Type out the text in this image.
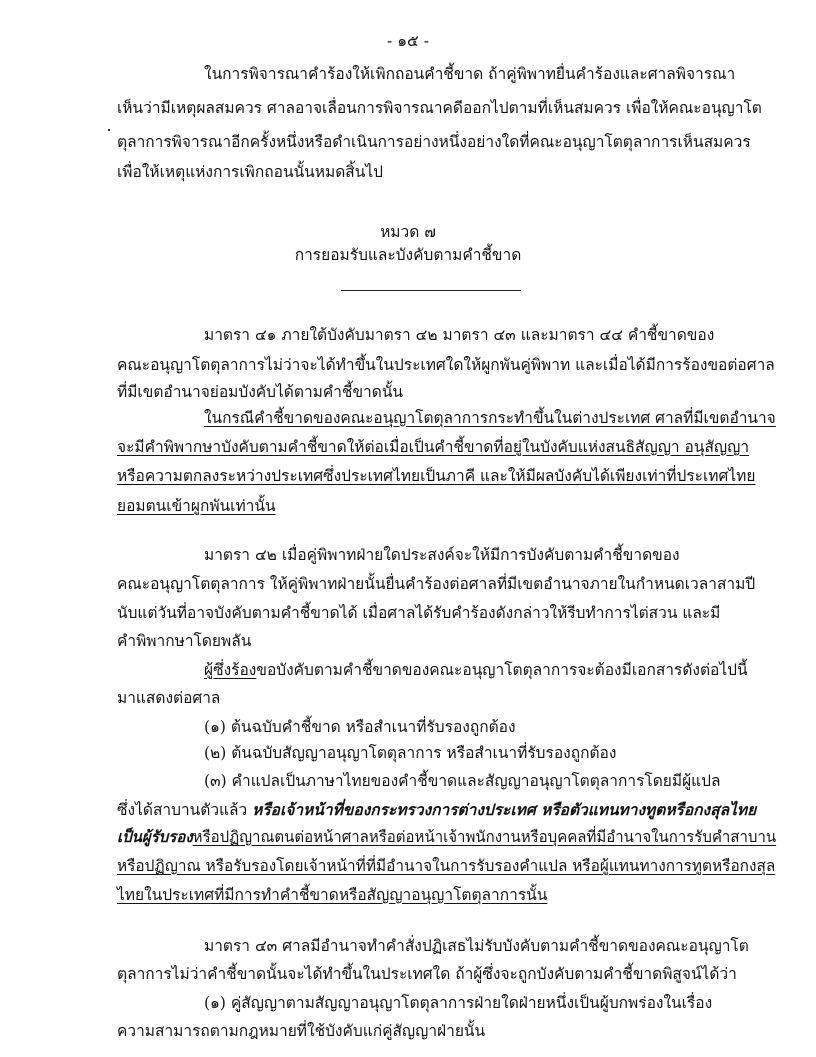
- ๑๕ -
ในการพิจารณาคำร้องให้เพิกถอนคำชี้ขาด ถ้าคู่พิพาทยื่นคำร้องและศาลพิจารณา
เห็นว่ามีเหตุผลสมควร ศาลอาจเลื่อนการพิจารณาคดีออกไปตามที่เห็นสมควร เพื่อให้คณะอนุญาโต
ตุลาการพิจารณาอีกครั้งหนึ่งหรือดำเนินการอย่างหนึ่งอย่างใดที่คณะอนุญาโตตุลาการเห็นสมควร
เพื่อให้เหตุแห่งการเพิกถอนนั้นหมดสิ้นไป
หมวด ๗
การยอมรับและบังคับตามคำชี้ขาด
มาตรา ๔๑ ภายใต้บังคับมาตรา ๔๒ มาตรา ๔๓ และมาตรา ๔๔ คำชี้ขาดของ
คณะอนุญาโตตุลาการไม่ว่าจะได้ทำขึ้นในประเทศใดให้ผูกพันคู่พิพาท และเมื่อได้มีการร้องขอต่อศาล
ที่มีเขตอำนาจย่อมบังคับได้ตามคำชี้ขาดนั้น
ในกรณีคำชี้ขาดของคณะอนุญาโตตุลาการกระทำขึ้นในต่างประเทศ ศาลที่มีเขตอำนาจ
จะมีคำพิพากษาบังคับตามคำชี้ขาดให้ต่อเมื่อเป็นคำชี้ขาดที่อยู่ในบังคับแห่งสนธิสัญญา อนุสัญญา
หรือความตกลงระหว่างประเทศซึ่งประเทศไทยเป็นภาคี และให้มีผลบังคับได้เพียงเท่าที่ประเทศไทย
ยอมตนเข้าผูกพันเท่านั้น
มาตรา ๔๒ เมื่อคู่พิพาทฝ่ายใดประสงค์จะให้มีการบังคับตามคำชี้ขาดของ
คณะอนุญาโตตุลาการ ให้คู่พิพาทฝ่ายนั้นยื่นคำร้องต่อศาลที่มีเขตอำนาจภายในกำหนดเวลาสามปี
นับแต่วันที่อาจบังคับตามคำชี้ขาดได้ เมื่อศาลได้รับคำร้องดังกล่าวให้รีบทำการไต่สวน และมี
คำพิพากษาโดยพลัน
ผู้ซึ่งร้องขอบังคับตามคำชี้ขาดของคณะอนุญาโตตุลาการจะต้องมีเอกสารดังต่อไปนี้
มาแสดงต่อศาล
(๑) ต้นฉบับคำชี้ขาด หรือสำเนาที่รับรองถูกต้อง
(๒) ต้นฉบับสัญญาอนุญาโตตุลาการ หรือสำเนาที่รับรองถูกต้อง
(๓) คำแปลเป็นภาษาไทยของคำชี้ขาดและสัญญาอนุญาโตตุลาการโดยมีผู้แปล
ซึ่งได้สาบานตัวแล้ว หรือเจ้าหน้าที่ของกระทรวงการต่างประเทศ หรือตัวแทนทางทูตหรือกงสุลไทย
เป็นผู้รับรองหรือปฏิญาณตนต่อหน้าศาลหรือต่อหน้าเจ้าพนักงานหรือบุคคลที่มีอำนาจในการรับคำสาบาน
หรือปฏิญาณ หรือรับรองโดยเจ้าหน้าที่ที่มีอำนาจในการรับรองคำแปล หรือผู้แทนทางการทูตหรือกงสุล
ไทยในประเทศที่มีการทำคำชี้ขาดหรือสัญญาอนุญาโตตุลาการนั้น
มาตรา ๔๓ ศาลมีอำนาจทำคำสั่งปฏิเสธไม่รับบังคับตามคำชี้ขาดของคณะอนุญาโต
ตุลาการไม่ว่าคำชี้ขาดนั้นจะได้ทำขึ้นในประเทศใด ถ้าผู้ซึ่งจะถูกบังคับตามคำชี้ขาดพิสูจน์ได้ว่า
(๑) คู่สัญญาตามสัญญาอนุญาโตตุลาการฝ่ายใดฝ่ายหนึ่งเป็นผู้บกพร่องในเรื่อง
ความสามารถตามกฎหมายที่ใช้บังคับแก่คู่สัญญาฝ่ายนั้น
